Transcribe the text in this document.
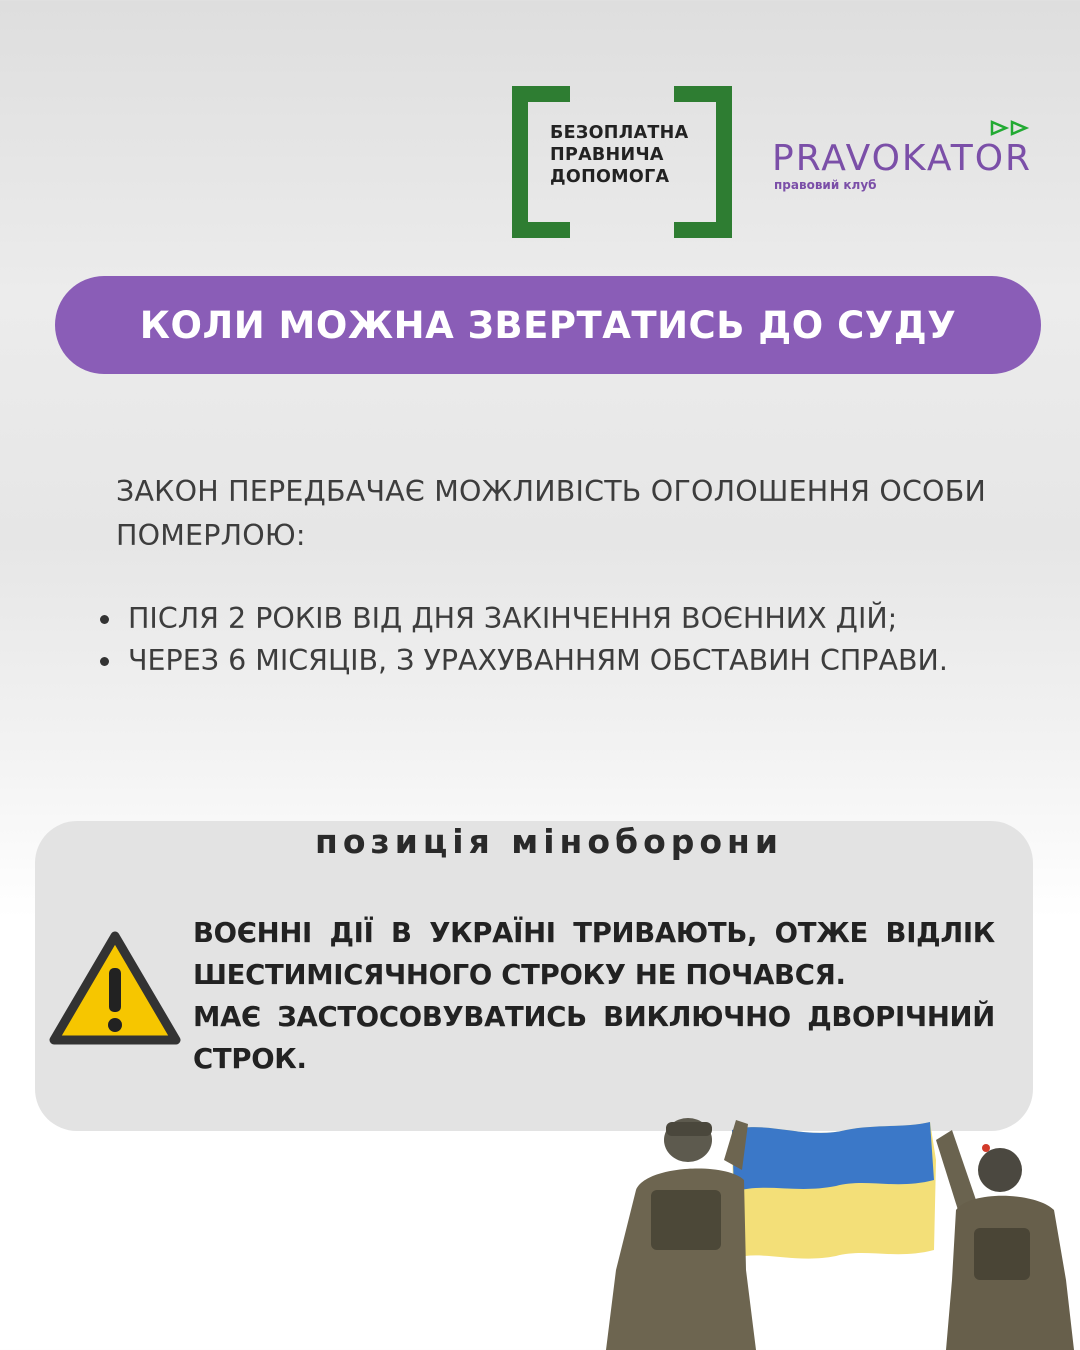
БЕЗОПЛАТНА
ПРАВНИЧА
ДОПОМОГА	PRAVOKATOR
правовий клуб
КОЛИ МОЖНА ЗВЕРТАТИСЬ ДО СУДУ
ЗАКОН ПЕРЕДБАЧАЄ МОЖЛИВІСТЬ ОГОЛОШЕННЯ ОСОБИ ПОМЕРЛОЮ:
ПІСЛЯ 2 РОКІВ ВІД ДНЯ ЗАКІНЧЕННЯ ВОЄННИХ ДІЙ;
ЧЕРЕЗ 6 МІСЯЦІВ, З УРАХУВАННЯМ ОБСТАВИН СПРАВИ.
позиція міноборони

ВОЄННІ ДІЇ В УКРАЇНІ ТРИВАЮТЬ, ОТЖЕ ВІДЛІК ШЕСТИМІСЯЧНОГО СТРОКУ НЕ ПОЧАВСЯ.

МАЄ ЗАСТОСОВУВАТИСЬ ВИКЛЮЧНО ДВОРІЧНИЙ СТРОК.
